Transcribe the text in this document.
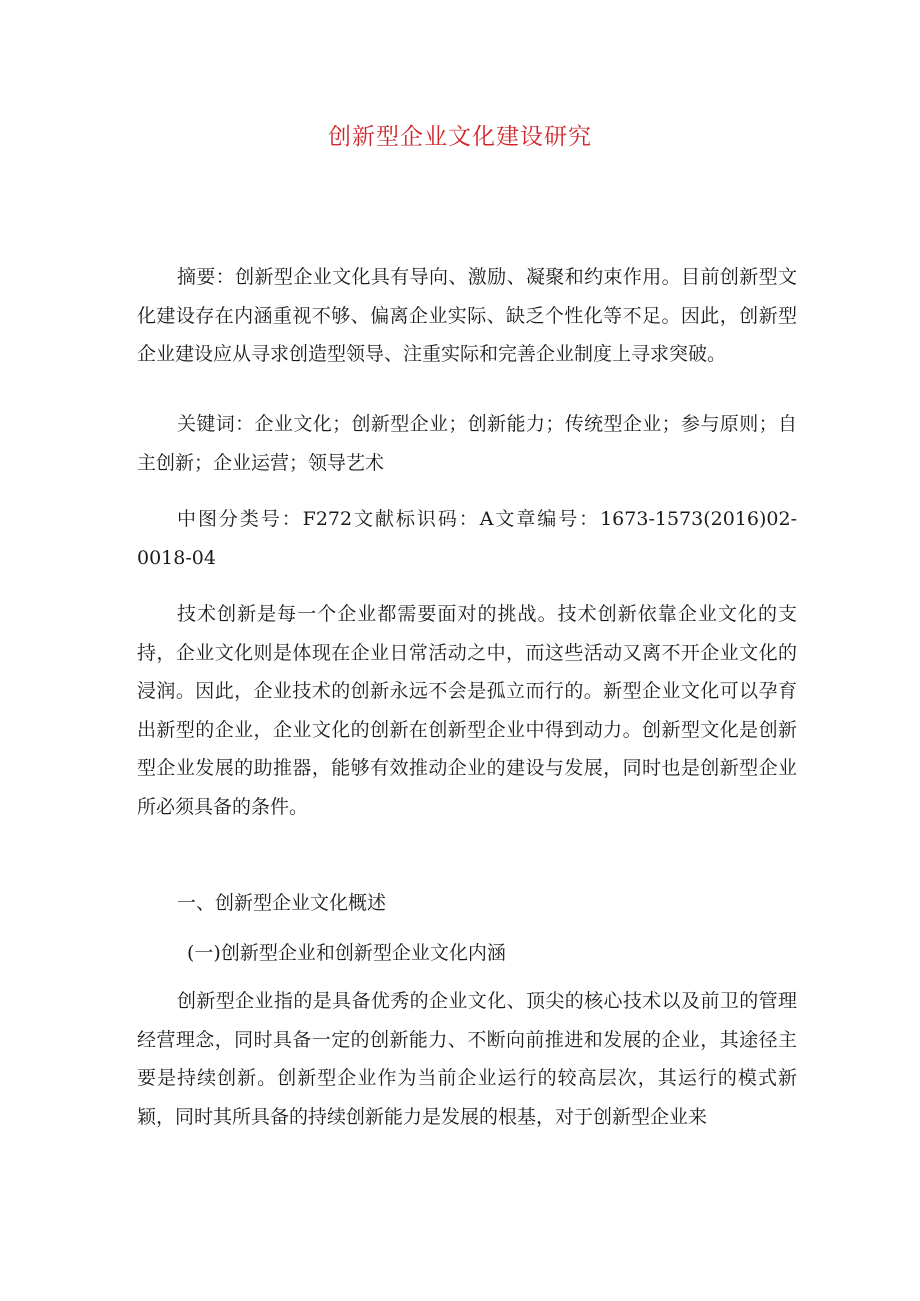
创新型企业文化建设研究

摘要：创新型企业文化具有导向、激励、凝聚和约束作用。目前创新型文化建设存在内涵重视不够、偏离企业实际、缺乏个性化等不足。因此，创新型企业建设应从寻求创造型领导、注重实际和完善企业制度上寻求突破。

关键词：企业文化；创新型企业；创新能力；传统型企业；参与原则；自主创新；企业运营；领导艺术

中图分类号：F272文献标识码：A文章编号：1673-1573(2016)02-0018-04

技术创新是每一个企业都需要面对的挑战。技术创新依靠企业文化的支持，企业文化则是体现在企业日常活动之中，而这些活动又离不开企业文化的浸润。因此，企业技术的创新永远不会是孤立而行的。新型企业文化可以孕育出新型的企业，企业文化的创新在创新型企业中得到动力。创新型文化是创新型企业发展的助推器，能够有效推动企业的建设与发展，同时也是创新型企业所必须具备的条件。

一、创新型企业文化概述
(一)创新型企业和创新型企业文化内涵

创新型企业指的是具备优秀的企业文化、顶尖的核心技术以及前卫的管理经营理念，同时具备一定的创新能力、不断向前推进和发展的企业，其途径主要是持续创新。创新型企业作为当前企业运行的较高层次，其运行的模式新颖，同时其所具备的持续创新能力是发展的根基，对于创新型企业来
